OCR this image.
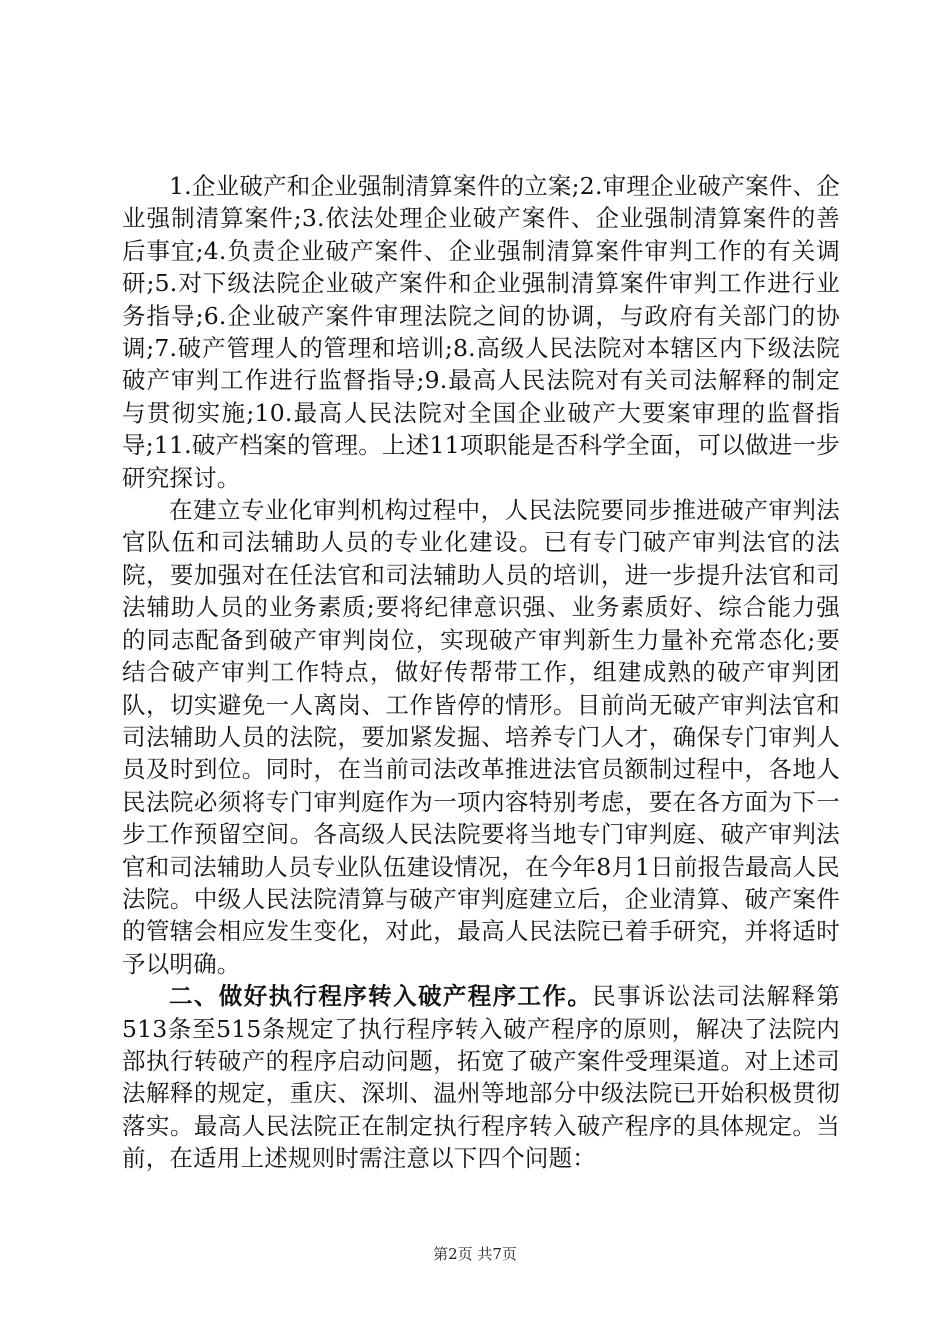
1.企业破产和企业强制清算案件的立案;2.审理企业破产案件、企业强制清算案件;3.依法处理企业破产案件、企业强制清算案件的善后事宜;4.负责企业破产案件、企业强制清算案件审判工作的有关调研;5.对下级法院企业破产案件和企业强制清算案件审判工作进行业务指导;6.企业破产案件审理法院之间的协调，与政府有关部门的协调;7.破产管理人的管理和培训;8.高级人民法院对本辖区内下级法院破产审判工作进行监督指导;9.最高人民法院对有关司法解释的制定与贯彻实施;10.最高人民法院对全国企业破产大要案审理的监督指导;11.破产档案的管理。上述11项职能是否科学全面，可以做进一步研究探讨。

在建立专业化审判机构过程中，人民法院要同步推进破产审判法官队伍和司法辅助人员的专业化建设。已有专门破产审判法官的法院，要加强对在任法官和司法辅助人员的培训，进一步提升法官和司法辅助人员的业务素质;要将纪律意识强、业务素质好、综合能力强的同志配备到破产审判岗位，实现破产审判新生力量补充常态化;要结合破产审判工作特点，做好传帮带工作，组建成熟的破产审判团队，切实避免一人离岗、工作皆停的情形。目前尚无破产审判法官和司法辅助人员的法院，要加紧发掘、培养专门人才，确保专门审判人员及时到位。同时，在当前司法改革推进法官员额制过程中，各地人民法院必须将专门审判庭作为一项内容特别考虑，要在各方面为下一步工作预留空间。各高级人民法院要将当地专门审判庭、破产审判法官和司法辅助人员专业队伍建设情况，在今年8月1日前报告最高人民法院。中级人民法院清算与破产审判庭建立后，企业清算、破产案件的管辖会相应发生变化，对此，最高人民法院已着手研究，并将适时予以明确。

二、做好执行程序转入破产程序工作。民事诉讼法司法解释第513条至515条规定了执行程序转入破产程序的原则，解决了法院内部执行转破产的程序启动问题，拓宽了破产案件受理渠道。对上述司法解释的规定，重庆、深圳、温州等地部分中级法院已开始积极贯彻落实。最高人民法院正在制定执行程序转入破产程序的具体规定。当前，在适用上述规则时需注意以下四个问题：

第2页 共7页
